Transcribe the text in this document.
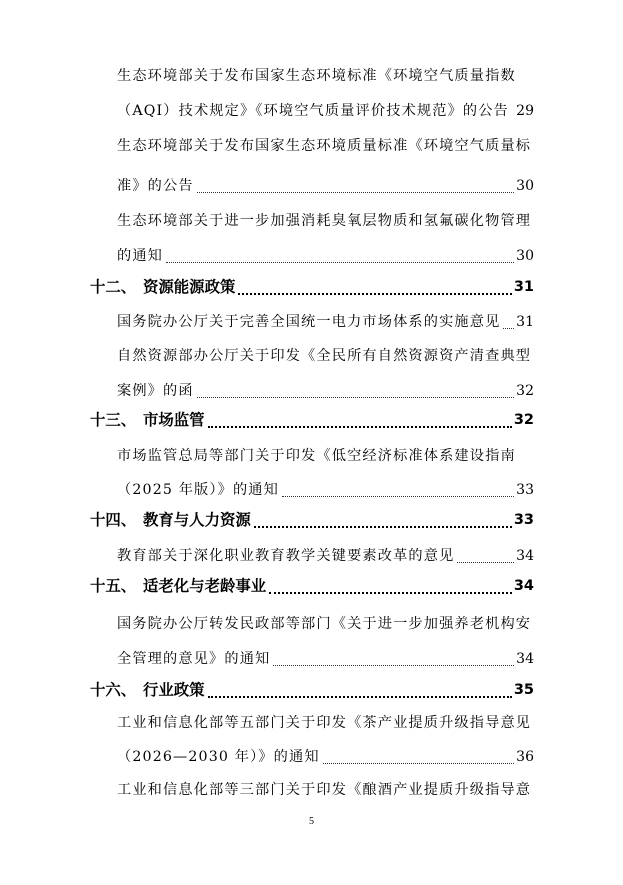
生态环境部关于发布国家生态环境标准《环境空气质量指数
（AQI）技术规定》《环境空气质量评价技术规范》的公告 29
生态环境部关于发布国家生态环境质量标准《环境空气质量标
准》的公告	30
生态环境部关于进一步加强消耗臭氧层物质和氢氟碳化物管理
的通知	30
十二、 资源能源政策	31
国务院办公厅关于完善全国统一电力市场体系的实施意见 31
自然资源部办公厅关于印发《全民所有自然资源资产清查典型
案例》的函	32
十三、 市场监管	32
市场监管总局等部门关于印发《低空经济标准体系建设指南
（2025 年版）》的通知	33
十四、 教育与人力资源	33
教育部关于深化职业教育教学关键要素改革的意见	34
十五、 适老化与老龄事业	34
国务院办公厅转发民政部等部门《关于进一步加强养老机构安
全管理的意见》的通知	34
十六、 行业政策	35
工业和信息化部等五部门关于印发《茶产业提质升级指导意见
（2026—2030 年）》的通知	36
工业和信息化部等三部门关于印发《酿酒产业提质升级指导意
5
